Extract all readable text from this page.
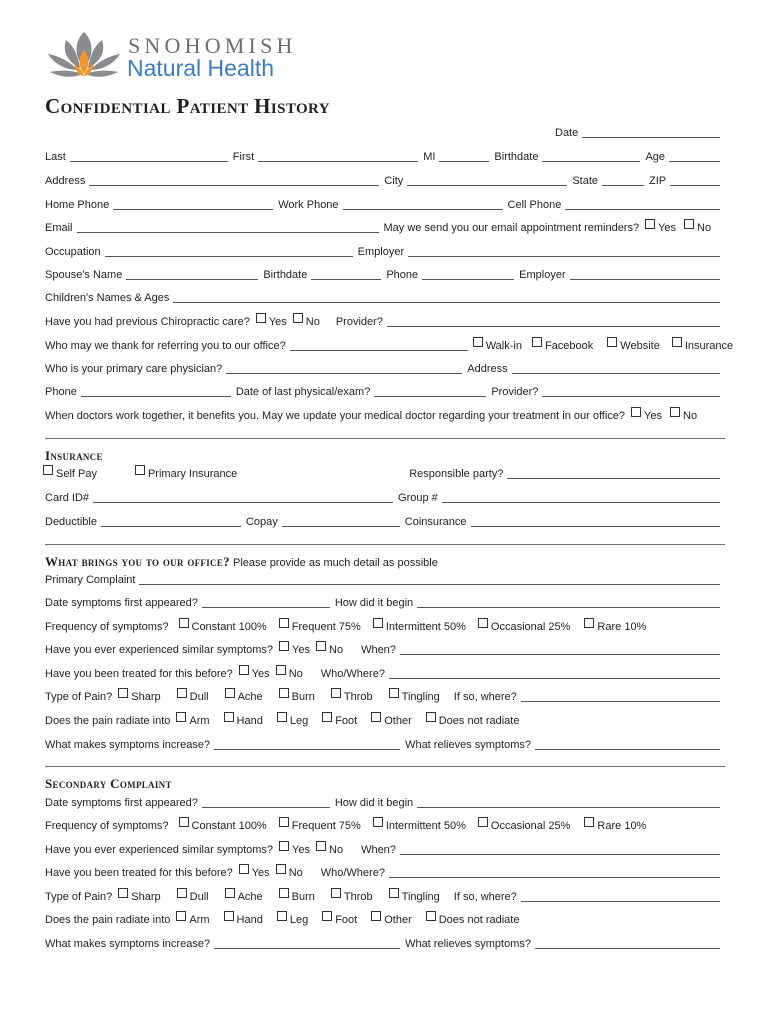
SNOHOMISH
Natural Health
Confidential Patient History
Date
Last	First	MI	Birthdate	Age
Address	City	State	ZIP
Home Phone	Work Phone	Cell Phone
Email	May we send you our email appointment reminders?	Yes	No
Occupation	Employer
Spouse's Name	Birthdate	Phone	Employer
Children's Names & Ages
Have you had previous Chiropractic care?	Yes	No Provider?
Who may we thank for referring you to our office?	Walk-in	Facebook	Website	Insurance
Who is your primary care physician?	Address
Phone	Date of last physical/exam?	Provider?
When doctors work together, it benefits you. May we update your medical doctor regarding your treatment in our office?	Yes	No
Insurance
Self Pay	Primary Insurance	Responsible party?
Card ID#	Group #
Deductible	Copay	Coinsurance
What brings you to our office? Please provide as much detail as possible
Primary Complaint
Date symptoms first appeared?	How did it begin
Frequency of symptoms?	Constant 100%	Frequent 75%	Intermittent 50%	Occasional 25%	Rare 10%
Have you ever experienced similar symptoms?	Yes	No When?
Have you been treated for this before?	Yes	No Who/Where?
Type of Pain?	Sharp	Dull	Ache	Burn	Throb	Tingling If so, where?
Does the pain radiate into	Arm	Hand	Leg	Foot	Other	Does not radiate
What makes symptoms increase?	What relieves symptoms?
Secondary Complaint
Date symptoms first appeared?	How did it begin
Frequency of symptoms?	Constant 100%	Frequent 75%	Intermittent 50%	Occasional 25%	Rare 10%
Have you ever experienced similar symptoms?	Yes	No When?
Have you been treated for this before?	Yes	No Who/Where?
Type of Pain?	Sharp	Dull	Ache	Burn	Throb	Tingling If so, where?
Does the pain radiate into	Arm	Hand	Leg	Foot	Other	Does not radiate
What makes symptoms increase?	What relieves symptoms?
